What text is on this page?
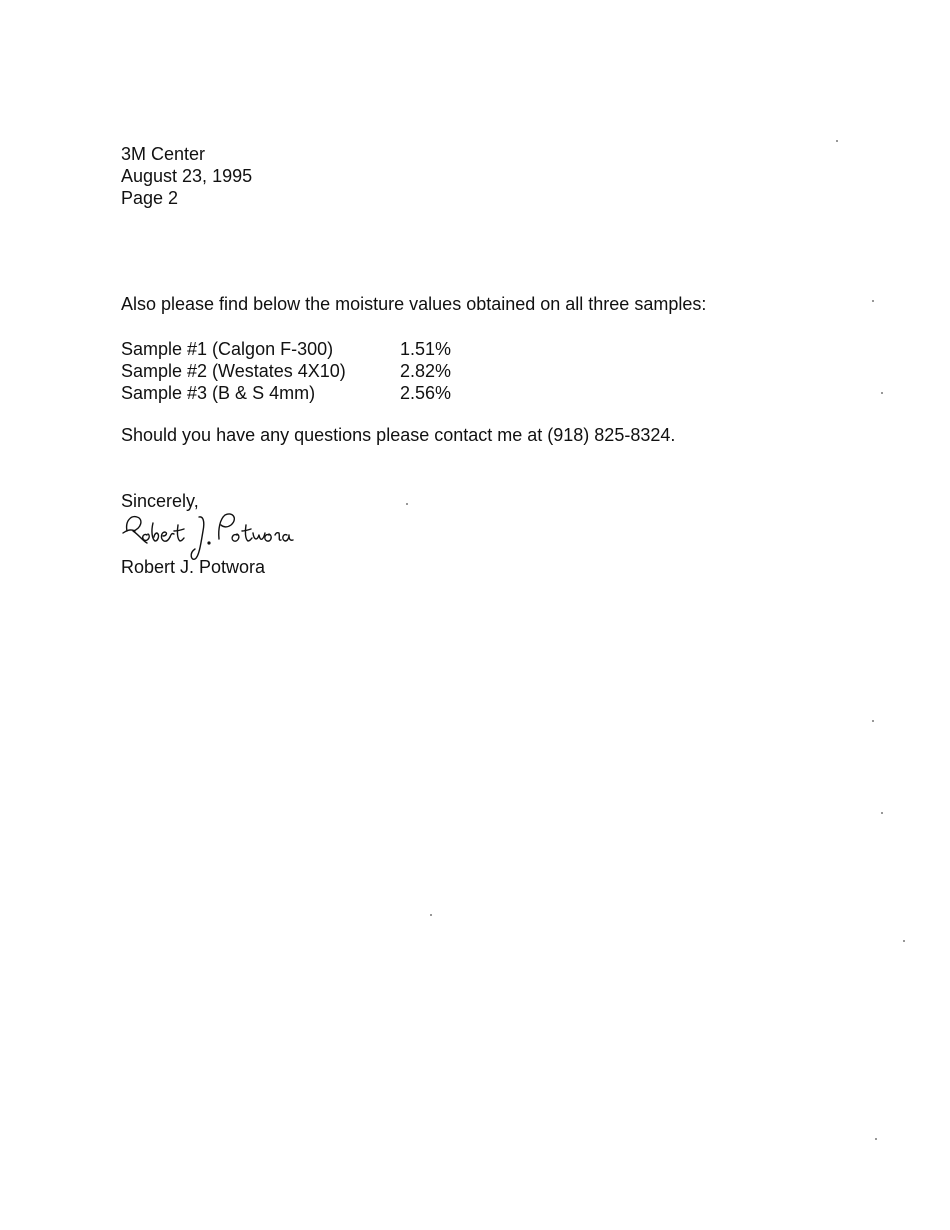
3M Center
August 23, 1995
Page 2
Also please find below the moisture values obtained on all three samples:
Sample #1 (Calgon F-300)	1.51%
Sample #2 (Westates 4X10)	2.82%
Sample #3 (B & S 4mm)	2.56%
Should you have any questions please contact me at (918) 825-8324.
Sincerely,
Robert J. Potwora
